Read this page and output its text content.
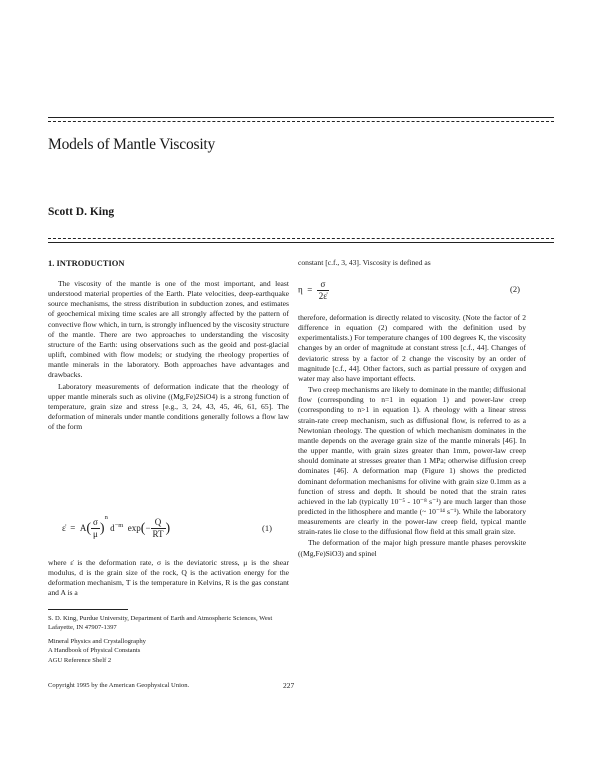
Models of Mantle Viscosity
Scott D. King
1. INTRODUCTION

The viscosity of the mantle is one of the most important, and least understood material properties of the Earth. Plate velocities, deep-earthquake source mechanisms, the stress distribution in subduction zones, and estimates of geochemical mixing time scales are all strongly affected by the pattern of convective flow which, in turn, is strongly influenced by the viscosity structure of the mantle. There are two approaches to understanding the viscosity structure of the Earth: using observations such as the geoid and post-glacial uplift, combined with flow models; or studying the rheology properties of mantle minerals in the laboratory. Both approaches have advantages and drawbacks.

Laboratory measurements of deformation indicate that the rheology of upper mantle minerals such as olivine ((Mg,Fe)2SiO4) is a strong function of temperature, grain size and stress [e.g., 3, 24, 43, 45, 46, 61, 65]. The deformation of minerals under mantle conditions generally follows a flow law of the form

ε̇ = $A( \frac{\sigma}{\mu} )^n$ $d^{-m}$ $\exp(- \frac{Q}{RT}$ )	(1)

where ε̇ is the deformation rate, σ is the deviatoric stress, μ is the shear modulus, d is the grain size of the rock, Q is the activation energy for the deformation mechanism, T is the temperature in Kelvins, R is the gas constant and A is a

S. D. King, Purdue University, Department of Earth and Atmospheric Sciences, West Lafayette, IN 47907-1397
Mineral Physics and Crystallography
A Handbook of Physical Constants
AGU Reference Shelf 2
Copyright 1995 by the American Geophysical Union.	227

constant [c.f., 3, 43]. Viscosity is defined as

$\eta = \frac{\sigma}{2\varepsiloṅ}$	(2)

therefore, deformation is directly related to viscosity. (Note the factor of 2 difference in equation (2) compared with the definition used by experimentalists.) For temperature changes of 100 degrees K, the viscosity changes by an order of magnitude at constant stress [c.f., 44]. Changes of deviatoric stress by a factor of 2 change the viscosity by an order of magnitude [c.f., 44]. Other factors, such as partial pressure of oxygen and water may also have important effects.

Two creep mechanisms are likely to dominate in the mantle; diffusional flow (corresponding to n=1 in equation 1) and power-law creep (corresponding to n>1 in equation 1). A rheology with a linear stress strain-rate creep mechanism, such as diffusional flow, is referred to as a Newtonian rheology. The question of which mechanism dominates in the mantle depends on the average grain size of the mantle minerals [46]. In the upper mantle, with grain sizes greater than 1mm, power-law creep should dominate at stresses greater than 1 MPa; otherwise diffusion creep dominates [46]. A deformation map (Figure 1) shows the predicted dominant deformation mechanisms for olivine with grain size 0.1mm as a function of stress and depth. It should be noted that the strain rates achieved in the lab (typically 10⁻⁵ - 10⁻⁸ s⁻¹) are much larger than those predicted in the lithosphere and mantle (~ 10⁻¹⁴ s⁻¹). While the laboratory measurements are clearly in the power-law creep field, typical mantle strain-rates lie close to the diffusional flow field at this small grain size.

The deformation of the major high pressure mantle phases perovskite ((Mg,Fe)SiO3) and spinel
